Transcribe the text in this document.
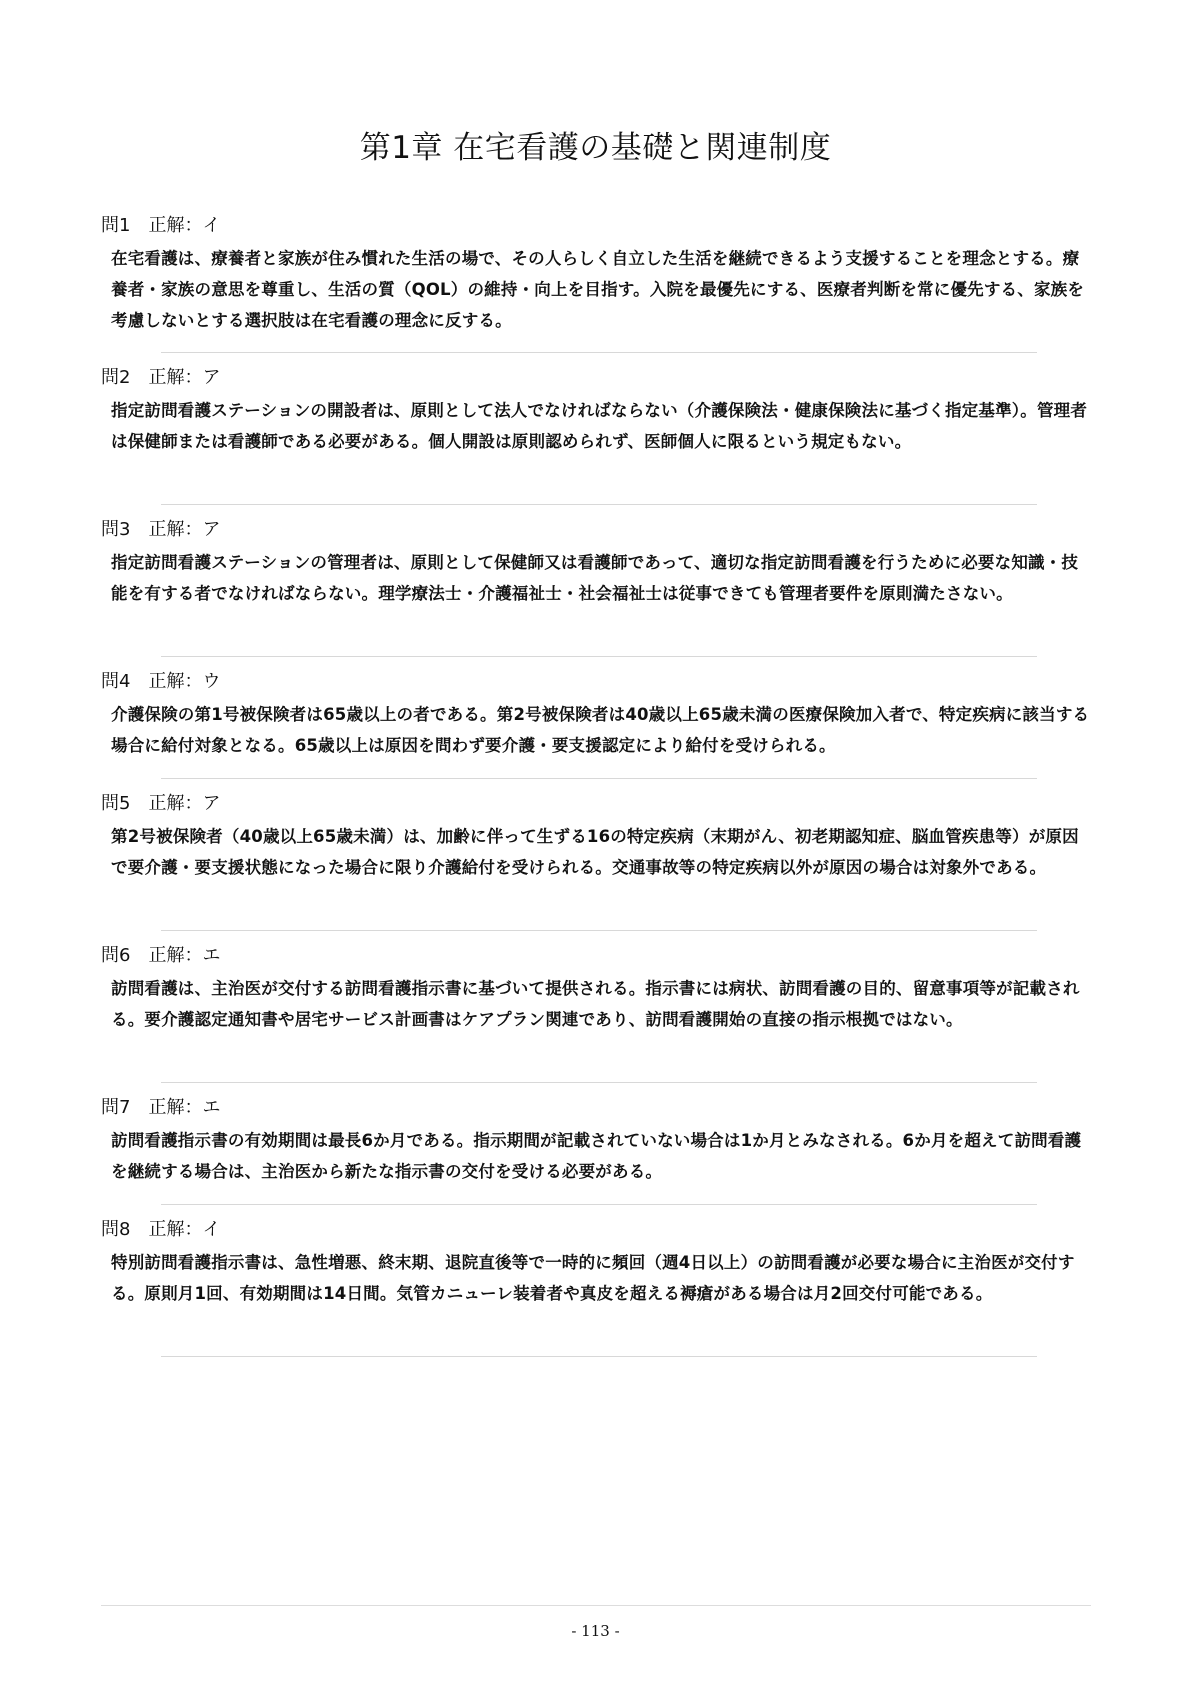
第1章 在宅看護の基礎と関連制度
問1 正解：イ
在宅看護は、療養者と家族が住み慣れた生活の場で、その人らしく自立した生活を継続できるよう支援することを理念とする。療養者・家族の意思を尊重し、生活の質（QOL）の維持・向上を目指す。入院を最優先にする、医療者判断を常に優先する、家族を考慮しないとする選択肢は在宅看護の理念に反する。
問2 正解：ア
指定訪問看護ステーションの開設者は、原則として法人でなければならない（介護保険法・健康保険法に基づく指定基準）。管理者は保健師または看護師である必要がある。個人開設は原則認められず、医師個人に限るという規定もない。
問3 正解：ア
指定訪問看護ステーションの管理者は、原則として保健師又は看護師であって、適切な指定訪問看護を行うために必要な知識・技能を有する者でなければならない。理学療法士・介護福祉士・社会福祉士は従事できても管理者要件を原則満たさない。
問4 正解：ウ
介護保険の第1号被保険者は65歳以上の者である。第2号被保険者は40歳以上65歳未満の医療保険加入者で、特定疾病に該当する場合に給付対象となる。65歳以上は原因を問わず要介護・要支援認定により給付を受けられる。
問5 正解：ア
第2号被保険者（40歳以上65歳未満）は、加齢に伴って生ずる16の特定疾病（末期がん、初老期認知症、脳血管疾患等）が原因で要介護・要支援状態になった場合に限り介護給付を受けられる。交通事故等の特定疾病以外が原因の場合は対象外である。
問6 正解：エ
訪問看護は、主治医が交付する訪問看護指示書に基づいて提供される。指示書には病状、訪問看護の目的、留意事項等が記載される。要介護認定通知書や居宅サービス計画書はケアプラン関連であり、訪問看護開始の直接の指示根拠ではない。
問7 正解：エ
訪問看護指示書の有効期間は最長6か月である。指示期間が記載されていない場合は1か月とみなされる。6か月を超えて訪問看護を継続する場合は、主治医から新たな指示書の交付を受ける必要がある。
問8 正解：イ
特別訪問看護指示書は、急性増悪、終末期、退院直後等で一時的に頻回（週4日以上）の訪問看護が必要な場合に主治医が交付する。原則月1回、有効期間は14日間。気管カニューレ装着者や真皮を超える褥瘡がある場合は月2回交付可能である。
- 113 -
